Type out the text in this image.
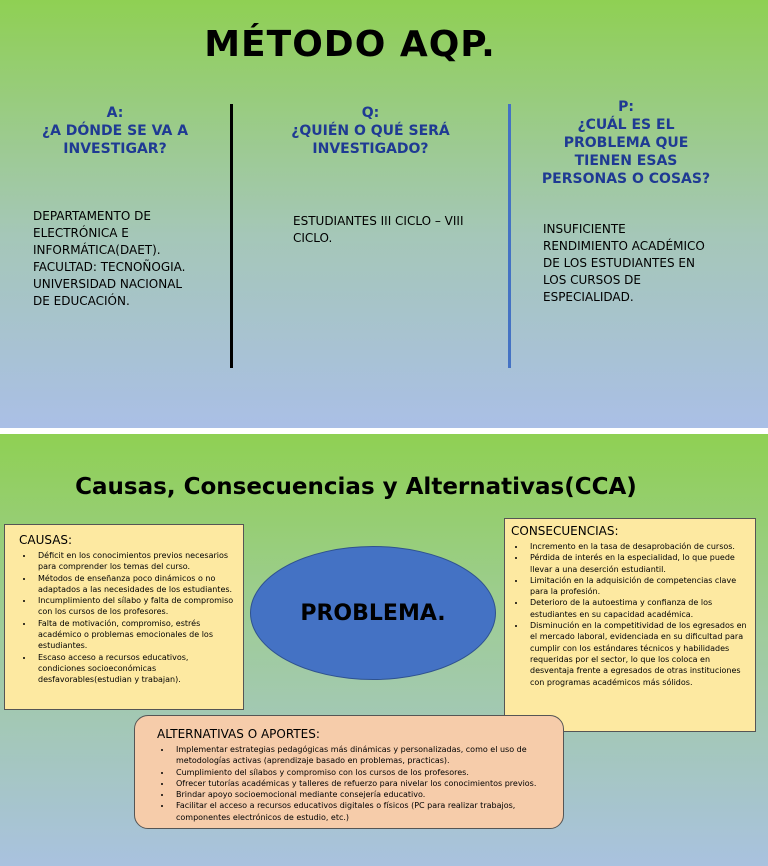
MÉTODO AQP.
A:
¿A DÓNDE SE VA A INVESTIGAR?
DEPARTAMENTO DE ELECTRÓNICA E INFORMÁTICA(DAET). FACULTAD: TECNOÑOGIA. UNIVERSIDAD NACIONAL DE EDUCACIÓN.
Q:
¿QUIÉN O QUÉ SERÁ INVESTIGADO?
ESTUDIANTES III CICLO – VIII CICLO.
P:
¿CUÁL ES EL PROBLEMA QUE TIENEN ESAS PERSONAS O COSAS?
INSUFICIENTE RENDIMIENTO ACADÉMICO DE LOS ESTUDIANTES EN LOS CURSOS DE ESPECIALIDAD.
Causas, Consecuencias y Alternativas(CCA)
CAUSAS:
• Déficit en los conocimientos previos necesarios para comprender los temas del curso.
• Métodos de enseñanza poco dinámicos o no adaptados a las necesidades de los estudiantes.
• Incumplimiento del sílabo y falta de compromiso con los cursos de los profesores.
• Falta de motivación, compromiso, estrés académico o problemas emocionales de los estudiantes.
• Escaso acceso a recursos educativos, condiciones socioeconómicas desfavorables(estudian y trabajan).
PROBLEMA.
CONSECUENCIAS:
• Incremento en la tasa de desaprobación de cursos.
• Pérdida de interés en la especialidad, lo que puede llevar a una deserción estudiantil.
• Limitación en la adquisición de competencias clave para la profesión.
• Deterioro de la autoestima y confianza de los estudiantes en su capacidad académica.
• Disminución en la competitividad de los egresados en el mercado laboral, evidenciada en su dificultad para cumplir con los estándares técnicos y habilidades requeridas por el sector, lo que los coloca en desventaja frente a egresados de otras instituciones con programas académicos más sólidos.
ALTERNATIVAS O APORTES:
• Implementar estrategias pedagógicas más dinámicas y personalizadas, como el uso de metodologías activas (aprendizaje basado en problemas, practicas).
• Cumplimiento del sílabos y compromiso con los cursos de los profesores.
• Ofrecer tutorías académicas y talleres de refuerzo para nivelar los conocimientos previos.
• Brindar apoyo socioemocional mediante consejería educativo.
• Facilitar el acceso a recursos educativos digitales o físicos (PC para realizar trabajos, componentes electrónicos de estudio, etc.)
